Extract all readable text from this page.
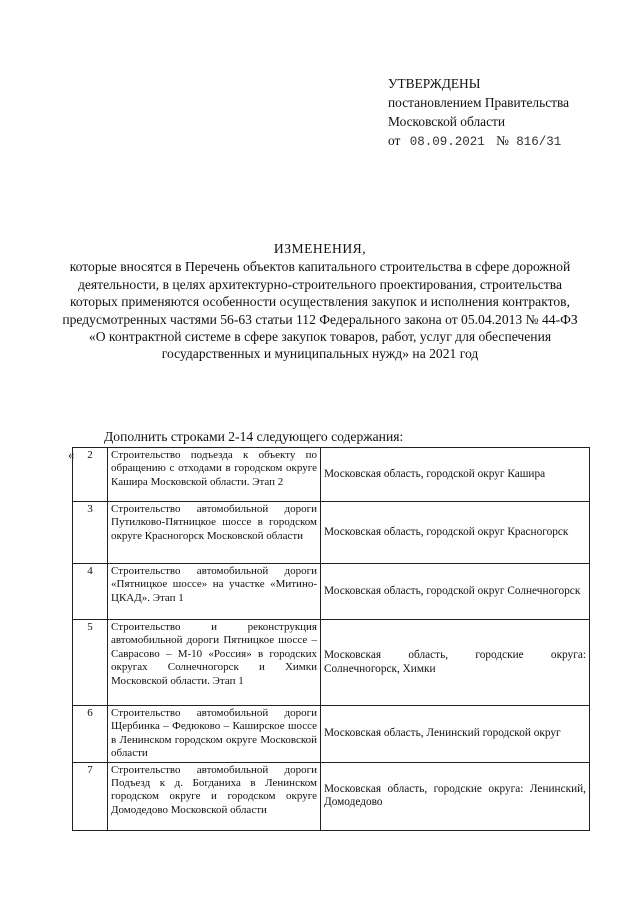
УТВЕРЖДЕНЫ
постановлением Правительства
Московской области
от 08.09.2021 № 816/31
ИЗМЕНЕНИЯ,
которые вносятся в Перечень объектов капитального строительства в сфере дорожной деятельности, в целях архитектурно-строительного проектирования, строительства которых применяются особенности осуществления закупок и исполнения контрактов, предусмотренных частями 56-63 статьи 112 Федерального закона от 05.04.2013 № 44-ФЗ «О контрактной системе в сфере закупок товаров, работ, услуг для обеспечения государственных и муниципальных нужд» на 2021 год
Дополнить строками 2-14 следующего содержания:
« 2	Строительство подъезда к объекту по обращению с отходами в городском округе Кашира Московской области. Этап 2	Московская область, городской округ Кашира
3	Строительство автомобильной дороги Путилково-Пятницкое шоссе в городском округе Красногорск Московской области	Московская область, городской округ Красногорск
4	Строительство автомобильной дороги «Пятницкое шоссе» на участке «Митино-ЦКАД». Этап 1	Московская область, городской округ Солнечногорск
5	Строительство и реконструкция автомобильной дороги Пятницкое шоссе – Саврасово – М-10 «Россия» в городских округах Солнечногорск и Химки Московской области. Этап 1	Московская область, городские округа: Солнечногорск, Химки
6	Строительство автомобильной дороги Щербинка – Федюково – Каширское шоссе в Ленинском городском округе Московской области	Московская область, Ленинский городской округ
7	Строительство автомобильной дороги Подъезд к д. Богданиха в Ленинском городском округе и городском округе Домодедово Московской области	Московская область, городские округа: Ленинский, Домодедово
